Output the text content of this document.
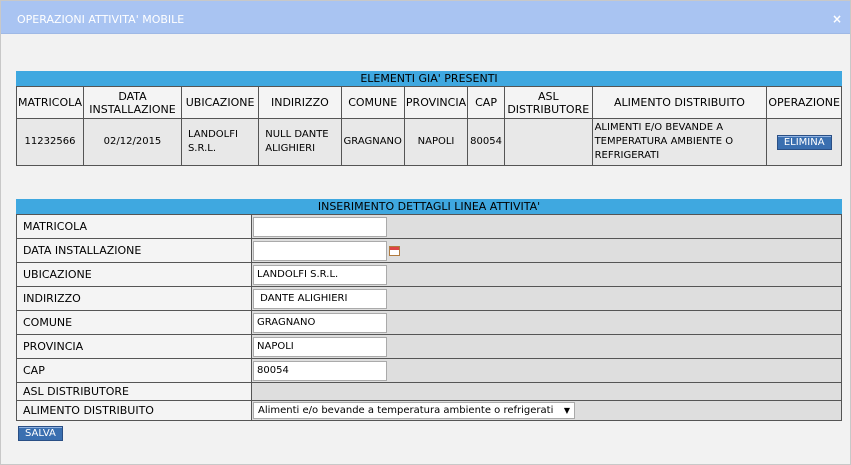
OPERAZIONI ATTIVITA' MOBILE	×
ELEMENTI GIA' PRESENTI
MATRICOLA	DATA INSTALLAZIONE	UBICAZIONE	INDIRIZZO	COMUNE	PROVINCIA	CAP	ASL DISTRIBUTORE	ALIMENTO DISTRIBUITO	OPERAZIONE
11232566	02/12/2015	LANDOLFI S.R.L.	NULL DANTE ALIGHIERI	GRAGNANO	NAPOLI	80054		ALIMENTI E/O BEVANDE A TEMPERATURA AMBIENTE O REFRIGERATI	ELIMINA
INSERIMENTO DETTAGLI LINEA ATTIVITA'
MATRICOLA	
DATA INSTALLAZIONE	
UBICAZIONE	LANDOLFI S.R.L.
INDIRIZZO	DANTE ALIGHIERI
COMUNE	GRAGNANO
PROVINCIA	NAPOLI
CAP	80054
ASL DISTRIBUTORE	
ALIMENTO DISTRIBUITO	Alimenti e/o bevande a temperatura ambiente o refrigerati ▼
SALVA
